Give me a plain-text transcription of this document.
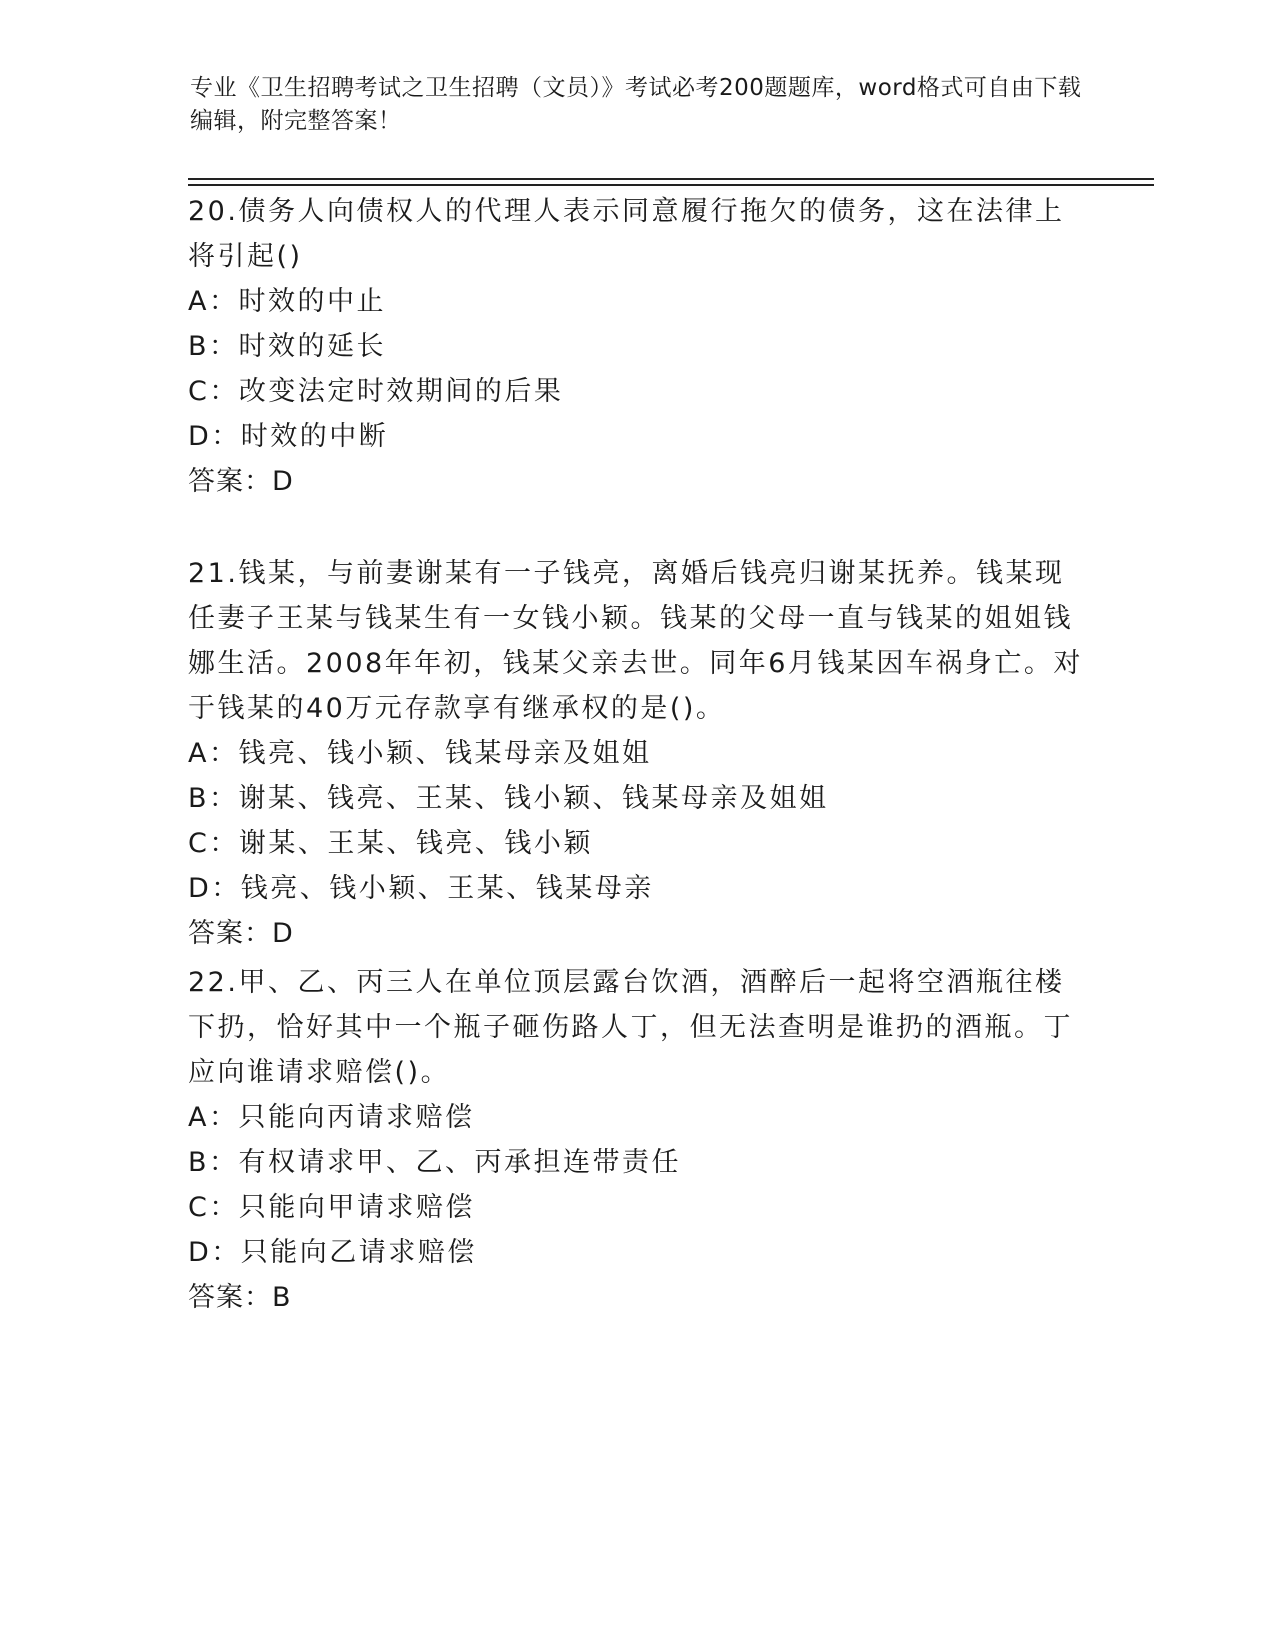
专业《卫生招聘考试之卫生招聘（文员）》考试必考200题题库，word格式可自由下载编辑，附完整答案！

20.债务人向债权人的代理人表示同意履行拖欠的债务，这在法律上将引起()

A：时效的中止

B：时效的延长

C：改变法定时效期间的后果

D：时效的中断

答案：D

21.钱某，与前妻谢某有一子钱亮，离婚后钱亮归谢某抚养。钱某现任妻子王某与钱某生有一女钱小颖。钱某的父母一直与钱某的姐姐钱娜生活。2008年年初，钱某父亲去世。同年6月钱某因车祸身亡。对于钱某的40万元存款享有继承权的是()。

A：钱亮、钱小颖、钱某母亲及姐姐

B：谢某、钱亮、王某、钱小颖、钱某母亲及姐姐

C：谢某、王某、钱亮、钱小颖

D：钱亮、钱小颖、王某、钱某母亲

答案：D

22.甲、乙、丙三人在单位顶层露台饮酒，酒醉后一起将空酒瓶往楼下扔，恰好其中一个瓶子砸伤路人丁，但无法查明是谁扔的酒瓶。丁应向谁请求赔偿()。

A：只能向丙请求赔偿

B：有权请求甲、乙、丙承担连带责任

C：只能向甲请求赔偿

D：只能向乙请求赔偿

答案：B
